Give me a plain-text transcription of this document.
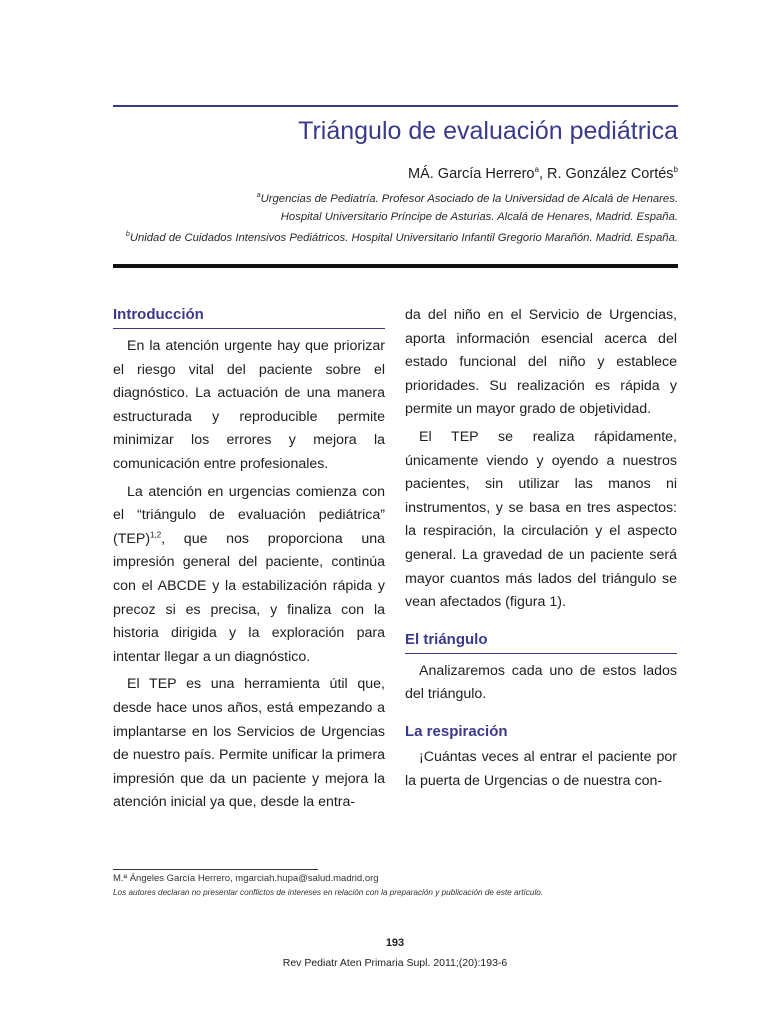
Triángulo de evaluación pediátrica
MÁ. García Herrero$^a$, R. González Cortés$^b$
$^a$Urgencias de Pediatría. Profesor Asociado de la Universidad de Alcalá de Henares.
Hospital Universitario Príncipe de Asturias. Alcalá de Henares, Madrid. España.
$^b$Unidad de Cuidados Intensivos Pediátricos. Hospital Universitario Infantil Gregorio Marañón. Madrid. España.
Introducción

En la atención urgente hay que priorizar el riesgo vital del paciente sobre el diagnóstico. La actuación de una manera estructurada y reproducible permite minimizar los errores y mejora la comunicación entre profesionales.

La atención en urgencias comienza con el “triángulo de evaluación pediátrica” (TEP)$^{1,2}$, que nos proporciona una impresión general del paciente, continúa con el ABCDE y la estabilización rápida y precoz si es precisa, y finaliza con la historia dirigida y la exploración para intentar llegar a un diagnóstico.

El TEP es una herramienta útil que, desde hace unos años, está empezando a implantarse en los Servicios de Urgencias de nuestro país. Permite unificar la primera impresión que da un paciente y mejora la atención inicial ya que, desde la entra-

da del niño en el Servicio de Urgencias, aporta información esencial acerca del estado funcional del niño y establece prioridades. Su realización es rápida y permite un mayor grado de objetividad.

El TEP se realiza rápidamente, únicamente viendo y oyendo a nuestros pacientes, sin utilizar las manos ni instrumentos, y se basa en tres aspectos: la respiración, la circulación y el aspecto general. La gravedad de un paciente será mayor cuantos más lados del triángulo se vean afectados (figura 1).

El triángulo

Analizaremos cada uno de estos lados del triángulo.

La respiración

¡Cuántas veces al entrar el paciente por la puerta de Urgencias o de nuestra con-

M.ª Ángeles García Herrero, mgarciah.hupa@salud.madrid.org
Los autores declaran no presentar conflictos de intereses en relación con la preparación y publicación de este artículo.
193
Rev Pediatr Aten Primaria Supl. 2011;(20):193-6
